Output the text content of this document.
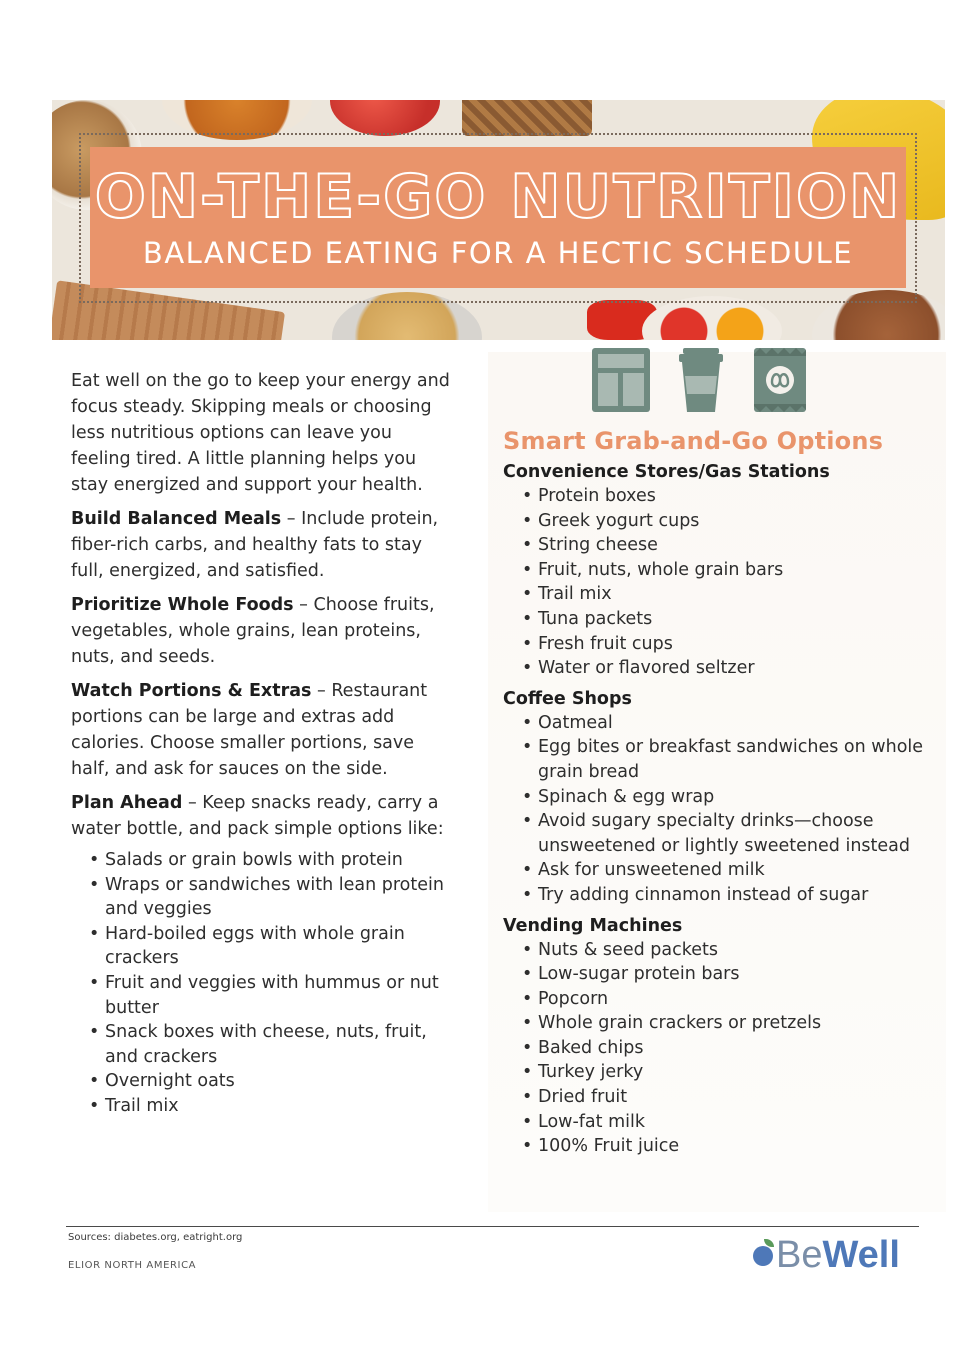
ON-THE-GO NUTRITION
BALANCED EATING FOR A HECTIC SCHEDULE

Eat well on the go to keep your energy and focus steady. Skipping meals or choosing less nutritious options can leave you feeling tired. A little planning helps you stay energized and support your health.

Build Balanced Meals – Include protein, fiber-rich carbs, and healthy fats to stay full, energized, and satisfied.

Prioritize Whole Foods – Choose fruits, vegetables, whole grains, lean proteins, nuts, and seeds.

Watch Portions & Extras – Restaurant portions can be large and extras add calories. Choose smaller portions, save half, and ask for sauces on the side.

Plan Ahead – Keep snacks ready, carry a water bottle, and pack simple options like:

• Salads or grain bowls with protein
• Wraps or sandwiches with lean protein and veggies
• Hard-boiled eggs with whole grain crackers
• Fruit and veggies with hummus or nut butter
• Snack boxes with cheese, nuts, fruit, and crackers
• Overnight oats
• Trail mix
Smart Grab-and-Go Options
Convenience Stores/Gas Stations
• Protein boxes
• Greek yogurt cups
• String cheese
• Fruit, nuts, whole grain bars
• Trail mix
• Tuna packets
• Fresh fruit cups
• Water or flavored seltzer
Coffee Shops
• Oatmeal
• Egg bites or breakfast sandwiches on whole grain bread
• Spinach & egg wrap
• Avoid sugary specialty drinks—choose unsweetened or lightly sweetened instead
• Ask for unsweetened milk
• Try adding cinnamon instead of sugar
Vending Machines
• Nuts & seed packets
• Low-sugar protein bars
• Popcorn
• Whole grain crackers or pretzels
• Baked chips
• Turkey jerky
• Dried fruit
• Low-fat milk
• 100% Fruit juice
Sources: diabetes.org, eatright.org
ELIOR NORTH AMERICA	BeWell
